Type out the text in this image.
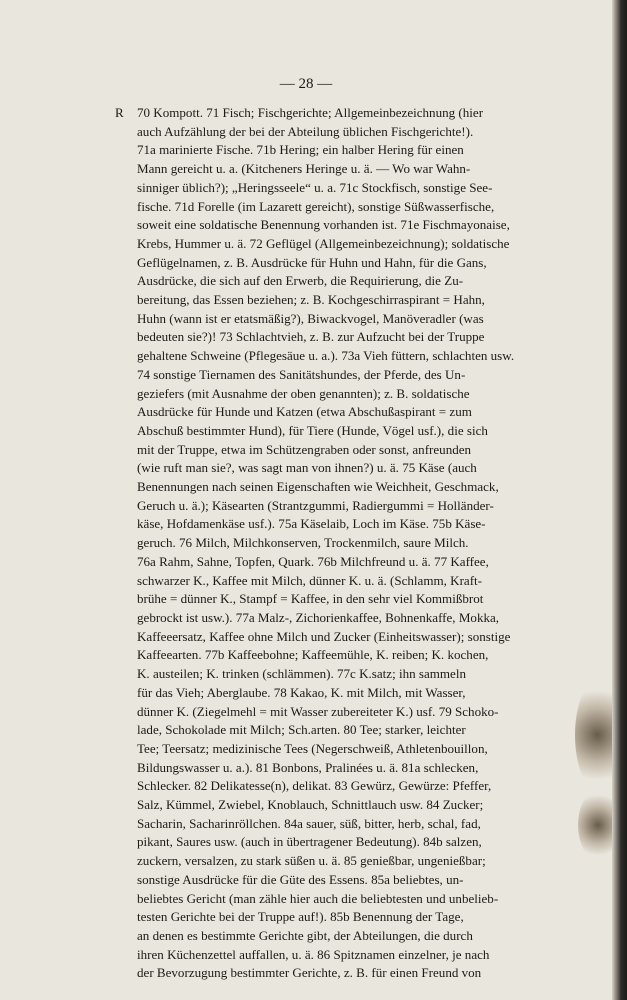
— 28 —
R 70 Kompott. 71 Fisch; Fischgerichte; Allgemeinbezeichnung (hier
auch Aufzählung der bei der Abteilung üblichen Fischgerichte!).
71a marinierte Fische. 71b Hering; ein halber Hering für einen
Mann gereicht u. a. (Kitcheners Heringe u. ä. — Wo war Wahn-
sinniger üblich?); „Heringsseele“ u. a. 71c Stockfisch, sonstige See-
fische. 71d Forelle (im Lazarett gereicht), sonstige Süßwasserfische,
soweit eine soldatische Benennung vorhanden ist. 71e Fischmayonaise,
Krebs, Hummer u. ä. 72 Geflügel (Allgemeinbezeichnung); soldatische
Geflügelnamen, z. B. Ausdrücke für Huhn und Hahn, für die Gans,
Ausdrücke, die sich auf den Erwerb, die Requirierung, die Zu-
bereitung, das Essen beziehen; z. B. Kochgeschirraspirant = Hahn,
Huhn (wann ist er etatsmäßig?), Biwackvogel, Manöveradler (was
bedeuten sie?)! 73 Schlachtvieh, z. B. zur Aufzucht bei der Truppe
gehaltene Schweine (Pflegesäue u. a.). 73a Vieh füttern, schlachten usw.
74 sonstige Tiernamen des Sanitätshundes, der Pferde, des Un-
geziefers (mit Ausnahme der oben genannten); z. B. soldatische
Ausdrücke für Hunde und Katzen (etwa Abschußaspirant = zum
Abschuß bestimmter Hund), für Tiere (Hunde, Vögel usf.), die sich
mit der Truppe, etwa im Schützengraben oder sonst, anfreunden
(wie ruft man sie?, was sagt man von ihnen?) u. ä. 75 Käse (auch
Benennungen nach seinen Eigenschaften wie Weichheit, Geschmack,
Geruch u. ä.); Käsearten (Strantzgummi, Radiergummi = Holländer-
käse, Hofdamenkäse usf.). 75a Käselaib, Loch im Käse. 75b Käse-
geruch. 76 Milch, Milchkonserven, Trockenmilch, saure Milch.
76a Rahm, Sahne, Topfen, Quark. 76b Milchfreund u. ä. 77 Kaffee,
schwarzer K., Kaffee mit Milch, dünner K. u. ä. (Schlamm, Kraft-
brühe = dünner K., Stampf = Kaffee, in den sehr viel Kommißbrot
gebrockt ist usw.). 77a Malz-, Zichorienkaffee, Bohnenkaffe, Mokka,
Kaffeeersatz, Kaffee ohne Milch und Zucker (Einheitswasser); sonstige
Kaffeearten. 77b Kaffeebohne; Kaffeemühle, K. reiben; K. kochen,
K. austeilen; K. trinken (schlämmen). 77c K.satz; ihn sammeln
für das Vieh; Aberglaube. 78 Kakao, K. mit Milch, mit Wasser,
dünner K. (Ziegelmehl = mit Wasser zubereiteter K.) usf. 79 Schoko-
lade, Schokolade mit Milch; Sch.arten. 80 Tee; starker, leichter
Tee; Teersatz; medizinische Tees (Negerschweiß, Athletenbouillon,
Bildungswasser u. a.). 81 Bonbons, Pralinées u. ä. 81a schlecken,
Schlecker. 82 Delikatesse(n), delikat. 83 Gewürz, Gewürze: Pfeffer,
Salz, Kümmel, Zwiebel, Knoblauch, Schnittlauch usw. 84 Zucker;
Sacharin, Sacharinröllchen. 84a sauer, süß, bitter, herb, schal, fad,
pikant, Saures usw. (auch in übertragener Bedeutung). 84b salzen,
zuckern, versalzen, zu stark süßen u. ä. 85 genießbar, ungenießbar;
sonstige Ausdrücke für die Güte des Essens. 85a beliebtes, un-
beliebtes Gericht (man zähle hier auch die beliebtesten und unbelieb-
testen Gerichte bei der Truppe auf!). 85b Benennung der Tage,
an denen es bestimmte Gerichte gibt, der Abteilungen, die durch
ihren Küchenzettel auffallen, u. ä. 86 Spitznamen einzelner, je nach
der Bevorzugung bestimmter Gerichte, z. B. für einen Freund von
